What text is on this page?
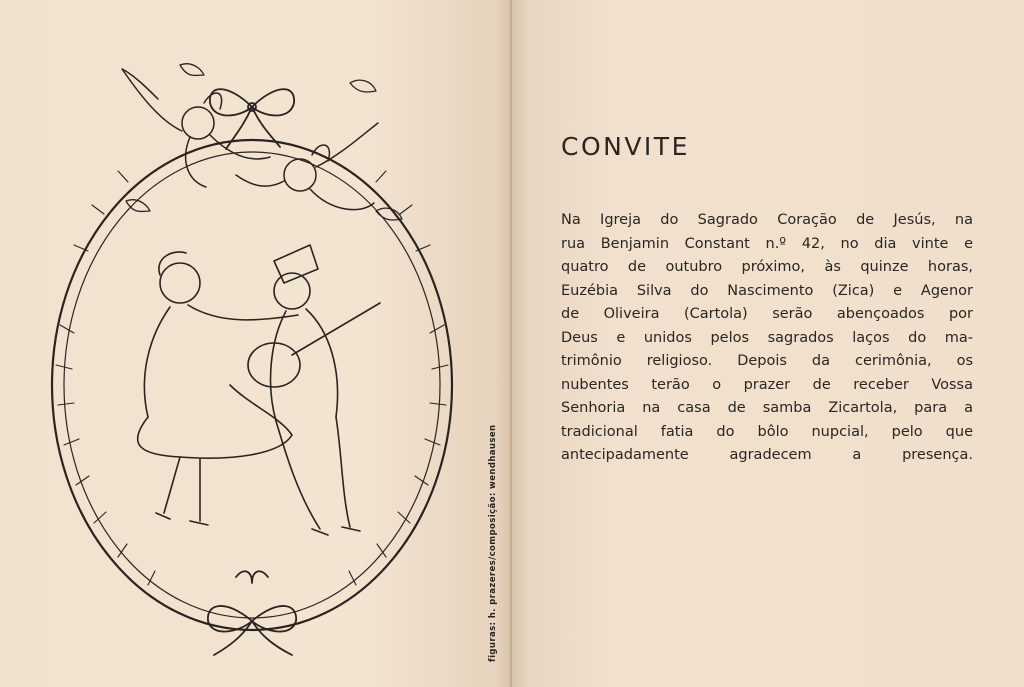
figuras: h. prazeres/composição: wendhausen
CONVITE
Na Igreja do Sagrado Coração de Jesús, na
rua Benjamin Constant n.º 42, no dia vinte e
quatro de outubro próximo, às quinze horas,
Euzébia Silva do Nascimento (Zica) e Agenor
de Oliveira (Cartola) serão abençoados por
Deus e unidos pelos sagrados laços do ma-
trimônio religioso. Depois da cerimônia, os
nubentes terão o prazer de receber Vossa
Senhoria na casa de samba Zicartola, para a
tradicional fatia do bôlo nupcial, pelo que
antecipadamente agradecem a presença.
